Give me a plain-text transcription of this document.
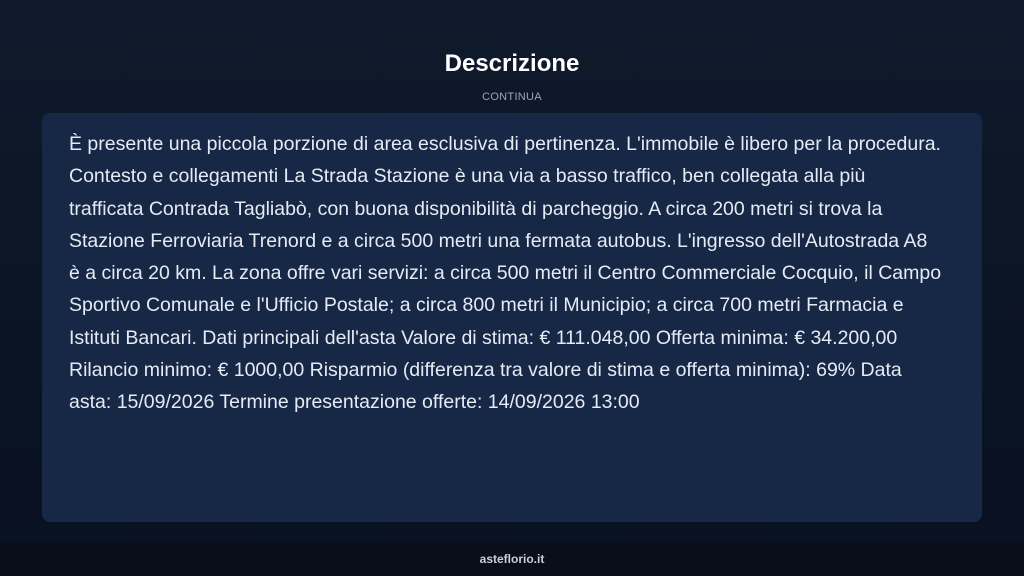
Descrizione
CONTINUA

È presente una piccola porzione di area esclusiva di pertinenza. L'immobile è libero per la procedura. Contesto e collegamenti La Strada Stazione è una via a basso traffico, ben collegata alla più trafficata Contrada Tagliabò, con buona disponibilità di parcheggio. A circa 200 metri si trova la Stazione Ferroviaria Trenord e a circa 500 metri una fermata autobus. L'ingresso dell'Autostrada A8 è a circa 20 km. La zona offre vari servizi: a circa 500 metri il Centro Commerciale Cocquio, il Campo Sportivo Comunale e l'Ufficio Postale; a circa 800 metri il Municipio; a circa 700 metri Farmacia e Istituti Bancari. Dati principali dell'asta Valore di stima: € 111.048,00 Offerta minima: € 34.200,00 Rilancio minimo: € 1000,00 Risparmio (differenza tra valore di stima e offerta minima): 69% Data asta: 15/09/2026 Termine presentazione offerte: 14/09/2026 13:00

asteflorio.it
